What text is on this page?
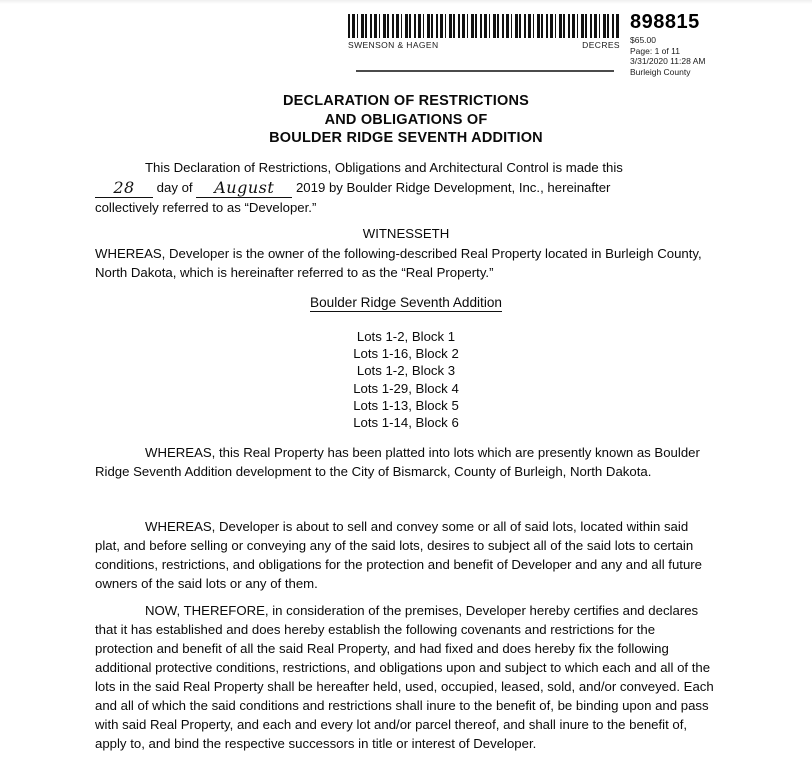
SWENSON & HAGEN	DECRES
898815
$65.00
Page: 1 of 11
3/31/2020 11:28 AM
Burleigh County
DECLARATION OF RESTRICTIONS
AND OBLIGATIONS OF
BOULDER RIDGE SEVENTH ADDITION
This Declaration of Restrictions, Obligations and Architectural Control is made this
28 day of August 2019 by Boulder Ridge Development, Inc., hereinafter
collectively referred to as “Developer.”
WITNESSETH
WHEREAS, Developer is the owner of the following-described Real Property located in Burleigh County, North Dakota, which is hereinafter referred to as the “Real Property.”
Boulder Ridge Seventh Addition
Lots 1-2, Block 1
Lots 1-16, Block 2
Lots 1-2, Block 3
Lots 1-29, Block 4
Lots 1-13, Block 5
Lots 1-14, Block 6
WHEREAS, this Real Property has been platted into lots which are presently known as Boulder Ridge Seventh Addition development to the City of Bismarck, County of Burleigh, North Dakota.
WHEREAS, Developer is about to sell and convey some or all of said lots, located within said plat, and before selling or conveying any of the said lots, desires to subject all of the said lots to certain conditions, restrictions, and obligations for the protection and benefit of Developer and any and all future owners of the said lots or any of them.
NOW, THEREFORE, in consideration of the premises, Developer hereby certifies and declares that it has established and does hereby establish the following covenants and restrictions for the protection and benefit of all the said Real Property, and had fixed and does hereby fix the following additional protective conditions, restrictions, and obligations upon and subject to which each and all of the lots in the said Real Property shall be hereafter held, used, occupied, leased, sold, and/or conveyed. Each and all of which the said conditions and restrictions shall inure to the benefit of, be binding upon and pass with said Real Property, and each and every lot and/or parcel thereof, and shall inure to the benefit of, apply to, and bind the respective successors in title or interest of Developer.
